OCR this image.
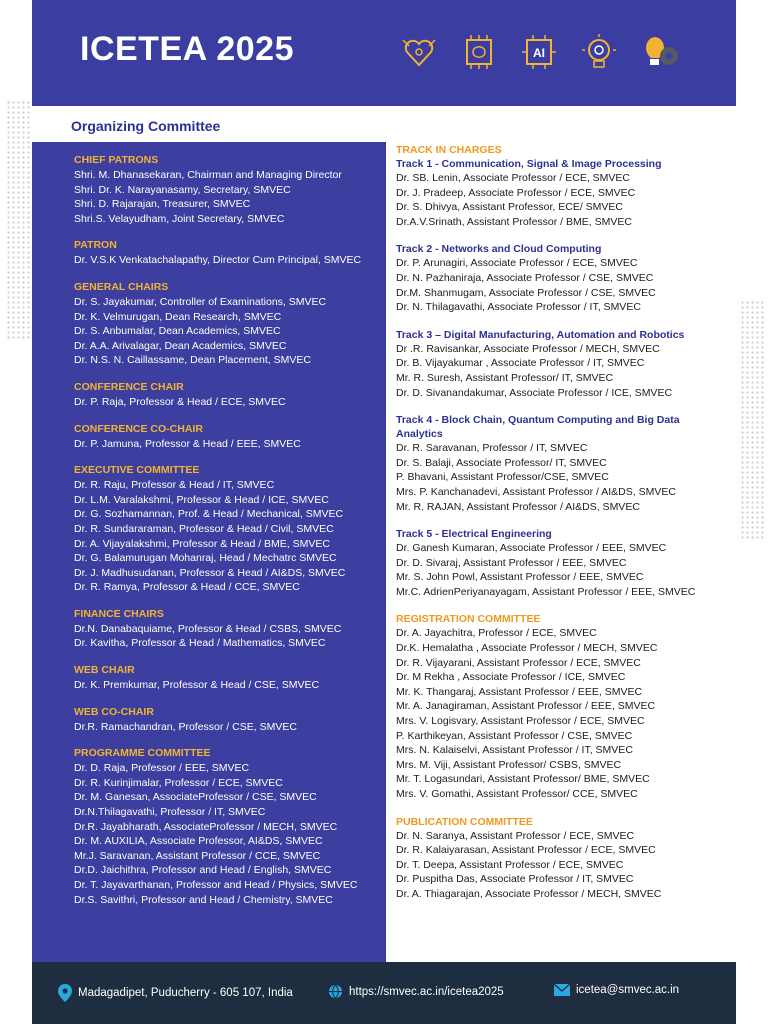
ICETEA 2025	AI
Organizing Committee
CHIEF PATRONS
Shri. M. Dhanasekaran, Chairman and Managing Director
Shri. Dr. K. Narayanasamy, Secretary, SMVEC
Shri. D. Rajarajan, Treasurer, SMVEC
Shri.S. Velayudham, Joint Secretary, SMVEC
PATRON
Dr. V.S.K Venkatachalapathy, Director Cum Principal, SMVEC
GENERAL CHAIRS
Dr. S. Jayakumar, Controller of Examinations, SMVEC
Dr. K. Velmurugan, Dean Research, SMVEC
Dr. S. Anbumalar, Dean Academics, SMVEC
Dr. A.A. Arivalagar, Dean Academics, SMVEC
Dr. N.S. N. Caillassame, Dean Placement, SMVEC
CONFERENCE CHAIR
Dr. P. Raja, Professor & Head / ECE, SMVEC
CONFERENCE CO-CHAIR
Dr. P. Jamuna, Professor & Head / EEE, SMVEC
EXECUTIVE COMMITTEE
Dr. R. Raju, Professor & Head / IT, SMVEC
Dr. L.M. Varalakshmi, Professor & Head / ICE, SMVEC
Dr. G. Sozhamannan, Prof. & Head / Mechanical, SMVEC
Dr. R. Sundararaman, Professor & Head / Civil, SMVEC
Dr. A. Vijayalakshmi, Professor & Head / BME, SMVEC
Dr. G. Balamurugan Mohanraj, Head / Mechatrc SMVEC
Dr. J. Madhusudanan, Professor & Head / AI&DS, SMVEC
Dr. R. Ramya, Professor & Head / CCE, SMVEC
FINANCE CHAIRS
Dr.N. Danabaquiame, Professor & Head / CSBS, SMVEC
Dr. Kavitha, Professor & Head / Mathematics, SMVEC
WEB CHAIR
Dr. K. Premkumar, Professor & Head / CSE, SMVEC
WEB CO-CHAIR
Dr.R. Ramachandran, Professor / CSE, SMVEC
PROGRAMME COMMITTEE
Dr. D. Raja, Professor / EEE, SMVEC
Dr. R. Kurinjimalar, Professor / ECE, SMVEC
Dr. M. Ganesan, AssociateProfessor / CSE, SMVEC
Dr.N.Thilagavathi, Professor / IT, SMVEC
Dr.R. Jayabharath, AssociateProfessor / MECH, SMVEC
Dr. M. AUXILIA, Associate Professor, AI&DS, SMVEC
Mr.J. Saravanan, Assistant Professor / CCE, SMVEC
Dr.D. Jaichithra, Professor and Head / English, SMVEC
Dr. T. Jayavarthanan, Professor and Head / Physics, SMVEC
Dr.S. Savithri, Professor and Head / Chemistry, SMVEC
TRACK IN CHARGES
Track 1 - Communication, Signal & Image Processing
Dr. SB. Lenin, Associate Professor / ECE, SMVEC
Dr. J. Pradeep, Associate Professor / ECE, SMVEC
Dr. S. Dhivya, Assistant Professor, ECE/ SMVEC
Dr.A.V.Srinath, Assistant Professor / BME, SMVEC
Track 2 - Networks and Cloud Computing
Dr. P. Arunagiri, Associate Professor / ECE, SMVEC
Dr. N. Pazhaniraja, Associate Professor / CSE, SMVEC
Dr.M. Shanmugam, Associate Professor / CSE, SMVEC
Dr. N. Thilagavathi, Associate Professor / IT, SMVEC
Track 3 – Digital Manufacturing, Automation and Robotics
Dr .R. Ravisankar, Associate Professor / MECH, SMVEC
Dr. B. Vijayakumar , Associate Professor / IT, SMVEC
Mr. R. Suresh, Assistant Professor/ IT, SMVEC
Dr. D. Sivanandakumar, Associate Professor / ICE, SMVEC
Track 4 - Block Chain, Quantum Computing and Big Data Analytics
Dr. R. Saravanan, Professor / IT, SMVEC
Dr. S. Balaji, Associate Professor/ IT, SMVEC
P. Bhavani, Assistant Professor/CSE, SMVEC
Mrs. P. Kanchanadevi, Assistant Professor / AI&DS, SMVEC
Mr. R. RAJAN, Assistant Professor / AI&DS, SMVEC
Track 5 - Electrical Engineering
Dr. Ganesh Kumaran, Associate Professor / EEE, SMVEC
Dr. D. Sivaraj, Assistant Professor / EEE, SMVEC
Mr. S. John Powl, Assistant Professor / EEE, SMVEC
Mr.C. AdrienPeriyanayagam, Assistant Professor / EEE, SMVEC
REGISTRATION COMMITTEE
Dr. A. Jayachitra, Professor / ECE, SMVEC
Dr.K. Hemalatha , Associate Professor / MECH, SMVEC
Dr. R. Vijayarani, Assistant Professor / ECE, SMVEC
Dr. M Rekha , Associate Professor / ICE, SMVEC
Mr. K. Thangaraj, Assistant Professor / EEE, SMVEC
Mr. A. Janagiraman, Assistant Professor / EEE, SMVEC
Mrs. V. Logisvary, Assistant Professor / ECE, SMVEC
P. Karthikeyan, Assistant Professor / CSE, SMVEC
Mrs. N. Kalaiselvi, Assistant Professor / IT, SMVEC
Mrs. M. Viji, Assistant Professor/ CSBS, SMVEC
Mr. T. Logasundari, Assistant Professor/ BME, SMVEC
Mrs. V. Gomathi, Assistant Professor/ CCE, SMVEC
PUBLICATION COMMITTEE
Dr. N. Saranya, Assistant Professor / ECE, SMVEC
Dr. R. Kalaiyarasan, Assistant Professor / ECE, SMVEC
Dr. T. Deepa, Assistant Professor / ECE, SMVEC
Dr. Puspitha Das, Associate Professor / IT, SMVEC
Dr. A. Thiagarajan, Associate Professor / MECH, SMVEC
Madagadipet, Puducherry - 605 107, India	https://smvec.ac.in/icetea2025	icetea@smvec.ac.in
